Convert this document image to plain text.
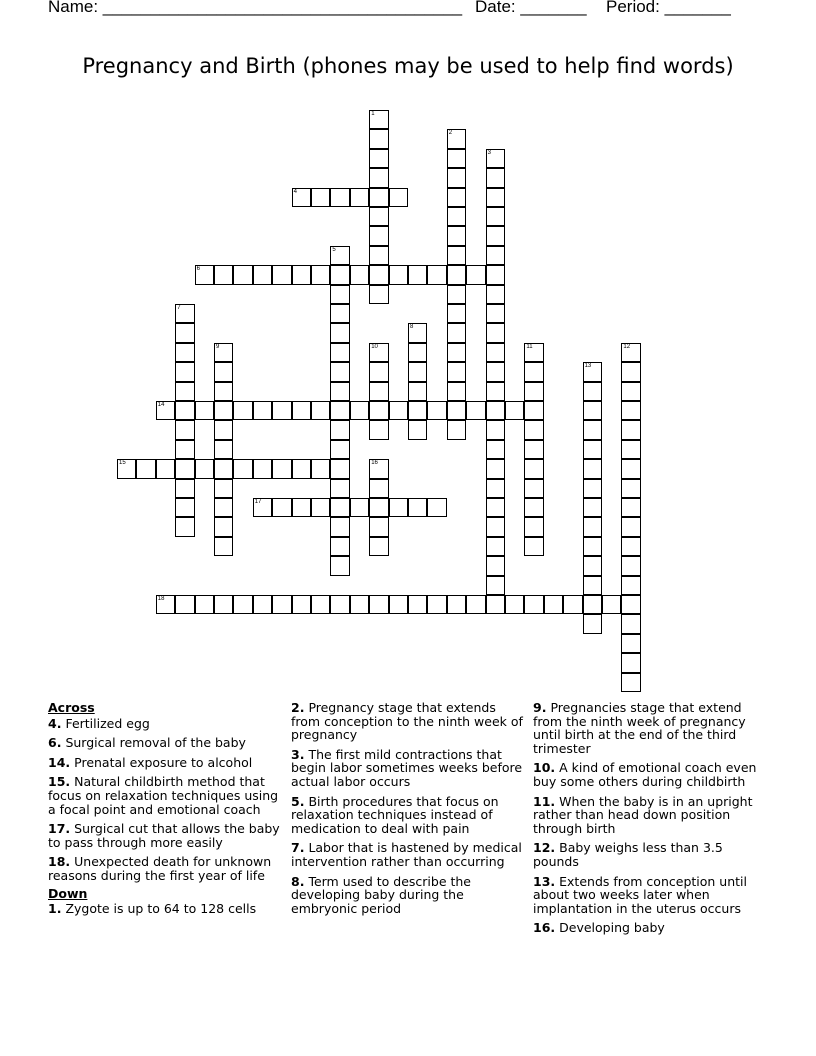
Name: ______________________________________ Date: _______ Period: _______
Pregnancy and Birth (phones may be used to help find words)
1
2
3
4
5
6
7
8
9	10	11	12
13
14
15	16
17
18
Across
4. Fertilized egg
6. Surgical removal of the baby
14. Prenatal exposure to alcohol
15. Natural childbirth method that focus on relaxation techniques using a focal point and emotional coach
17. Surgical cut that allows the baby to pass through more easily
18. Unexpected death for unknown reasons during the first year of life
Down
1. Zygote is up to 64 to 128 cells
2. Pregnancy stage that extends from conception to the ninth week of pregnancy
3. The first mild contractions that begin labor sometimes weeks before actual labor occurs
5. Birth procedures that focus on relaxation techniques instead of medication to deal with pain
7. Labor that is hastened by medical intervention rather than occurring
8. Term used to describe the developing baby during the embryonic period
9. Pregnancies stage that extend from the ninth week of pregnancy until birth at the end of the third trimester
10. A kind of emotional coach even buy some others during childbirth
11. When the baby is in an upright rather than head down position through birth
12. Baby weighs less than 3.5 pounds
13. Extends from conception until about two weeks later when implantation in the uterus occurs
16. Developing baby
